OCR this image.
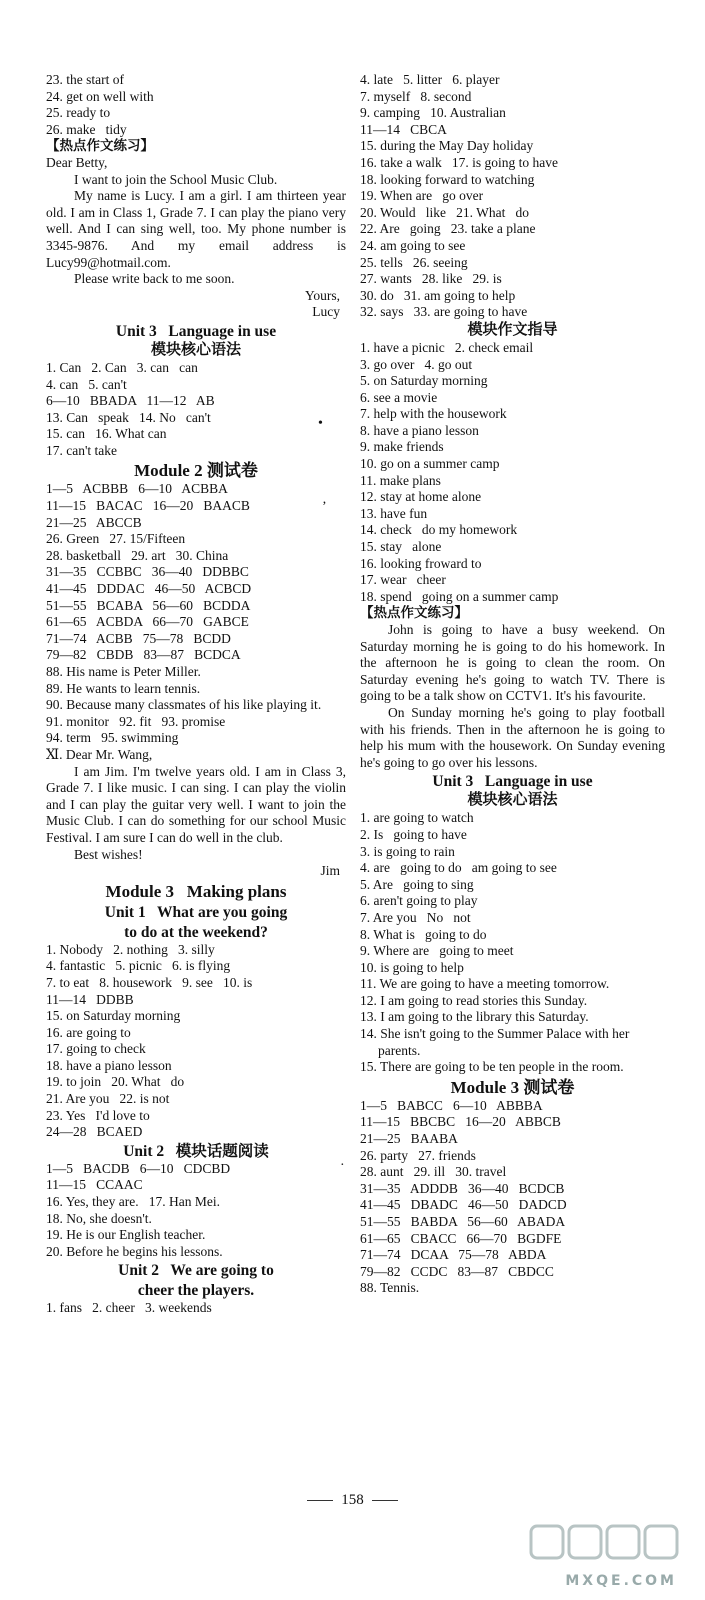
23. the start of
24. get on well with
25. ready to
26. make   tidy
【热点作文练习】
Dear Betty,

I want to join the School Music Club.

My name is Lucy. I am a girl. I am thirteen year old. I am in Class 1, Grade 7. I can play the piano very well. And I can sing well, too. My phone number is 3345-9876. And my email address is Lucy99@hotmail.com.

Please write back to me soon.

Yours,
Lucy
Unit 3   Language in use
模块核心语法
1. Can   2. Can   3. can   can
4. can   5. can't
6—10   BBADA   11—12   AB
13. Can   speak   14. No   can't
15. can   16. What can
17. can't take
Module 2 测试卷
1—5   ACBBB   6—10   ACBBA
11—15   BACAC   16—20   BAACB
21—25   ABCCB
26. Green   27. 15/Fifteen
28. basketball   29. art   30. China
31—35   CCBBC   36—40   DDBBC
41—45   DDDAC   46—50   ACBCD
51—55   BCABA   56—60   BCDDA
61—65   ACBDA   66—70   GABCE
71—74   ACBB   75—78   BCDD
79—82   CBDB   83—87   BCDCA
88. His name is Peter Miller.
89. He wants to learn tennis.
90. Because many classmates of his like playing it.
91. monitor   92. fit   93. promise
94. term   95. swimming
Ⅺ. Dear Mr. Wang,

I am Jim. I'm twelve years old. I am in Class 3, Grade 7. I like music. I can sing. I can play the violin and I can play the guitar very well. I want to join the Music Club. I can do something for our school Music Festival. I am sure I can do well in the club.

Best wishes!

Jim
Module 3   Making plans
Unit 1   What are you going
to do at the weekend?
1. Nobody   2. nothing   3. silly
4. fantastic   5. picnic   6. is flying
7. to eat   8. housework   9. see   10. is
11—14   DDBB
15. on Saturday morning
16. are going to
17. going to check
18. have a piano lesson
19. to join   20. What   do
21. Are you   22. is not
23. Yes   I'd love to
24—28   BCAED
Unit 2   模块话题阅读
1—5   BACDB   6—10   CDCBD
11—15   CCAAC
16. Yes, they are.   17. Han Mei.
18. No, she doesn't.
19. He is our English teacher.
20. Before he begins his lessons.
Unit 2   We are going to
cheer the players.
1. fans   2. cheer   3. weekends
4. late   5. litter   6. player
7. myself   8. second
9. camping   10. Australian
11—14   CBCA
15. during the May Day holiday
16. take a walk   17. is going to have
18. looking forward to watching
19. When are   go over
20. Would   like   21. What   do
22. Are   going   23. take a plane
24. am going to see
25. tells   26. seeing
27. wants   28. like   29. is
30. do   31. am going to help
32. says   33. are going to have
模块作文指导
1. have a picnic   2. check email
3. go over   4. go out
5. on Saturday morning
6. see a movie
7. help with the housework
8. have a piano lesson
9. make friends
10. go on a summer camp
11. make plans
12. stay at home alone
13. have fun
14. check   do my homework
15. stay   alone
16. looking froward to
17. wear   cheer
18. spend   going on a summer camp
【热点作文练习】

John is going to have a busy weekend. On Saturday morning he is going to do his homework. In the afternoon he is going to clean the room. On Saturday evening he's going to watch TV. There is going to be a talk show on CCTV1. It's his favourite.

On Sunday morning he's going to play football with his friends. Then in the afternoon he is going to help his mum with the housework. On Sunday evening he's going to go over his lessons.

Unit 3   Language in use
模块核心语法
1. are going to watch
2. Is   going to have
3. is going to rain
4. are   going to do   am going to see
5. Are   going to sing
6. aren't going to play
7. Are you   No   not
8. What is   going to do
9. Where are   going to meet
10. is going to help
11. We are going to have a meeting tomorrow.
12. I am going to read stories this Sunday.
13. I am going to the library this Saturday.
14. She isn't going to the Summer Palace with her parents.
15. There are going to be ten people in the room.
Module 3 测试卷
1—5   BABCC   6—10   ABBBA
11—15   BBCBC   16—20   ABBCB
21—25   BAABA
26. party   27. friends
28. aunt   29. ill   30. travel
31—35   ADDDB   36—40   BCDCB
41—45   DBADC   46—50   DADCD
51—55   BABDA   56—60   ABADA
61—65   CBACC   66—70   BGDFE
71—74   DCAA   75—78   ABDA
79—82   CCDC   83—87   CBDCC
88. Tennis.
•
‚
·
158
MXQE.COM
